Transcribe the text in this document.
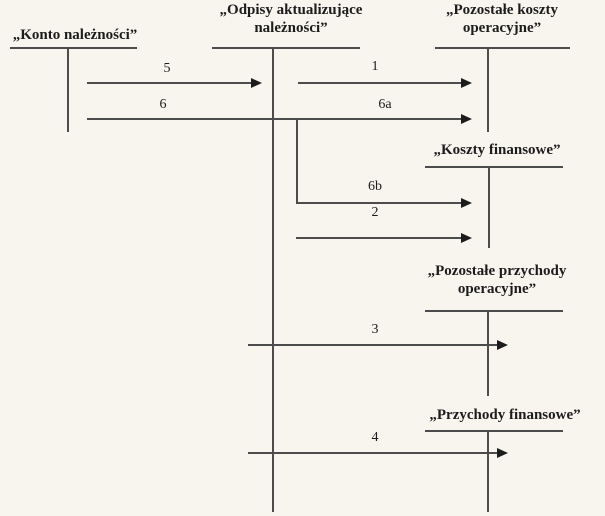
„Konto należności”
„Odpisy aktualizujące należności”
„Pozostałe koszty operacyjne”
„Koszty finansowe”
„Pozostałe przychody operacyjne”
„Przychody finansowe”
5	1
6	6a
6b
2
3
4
